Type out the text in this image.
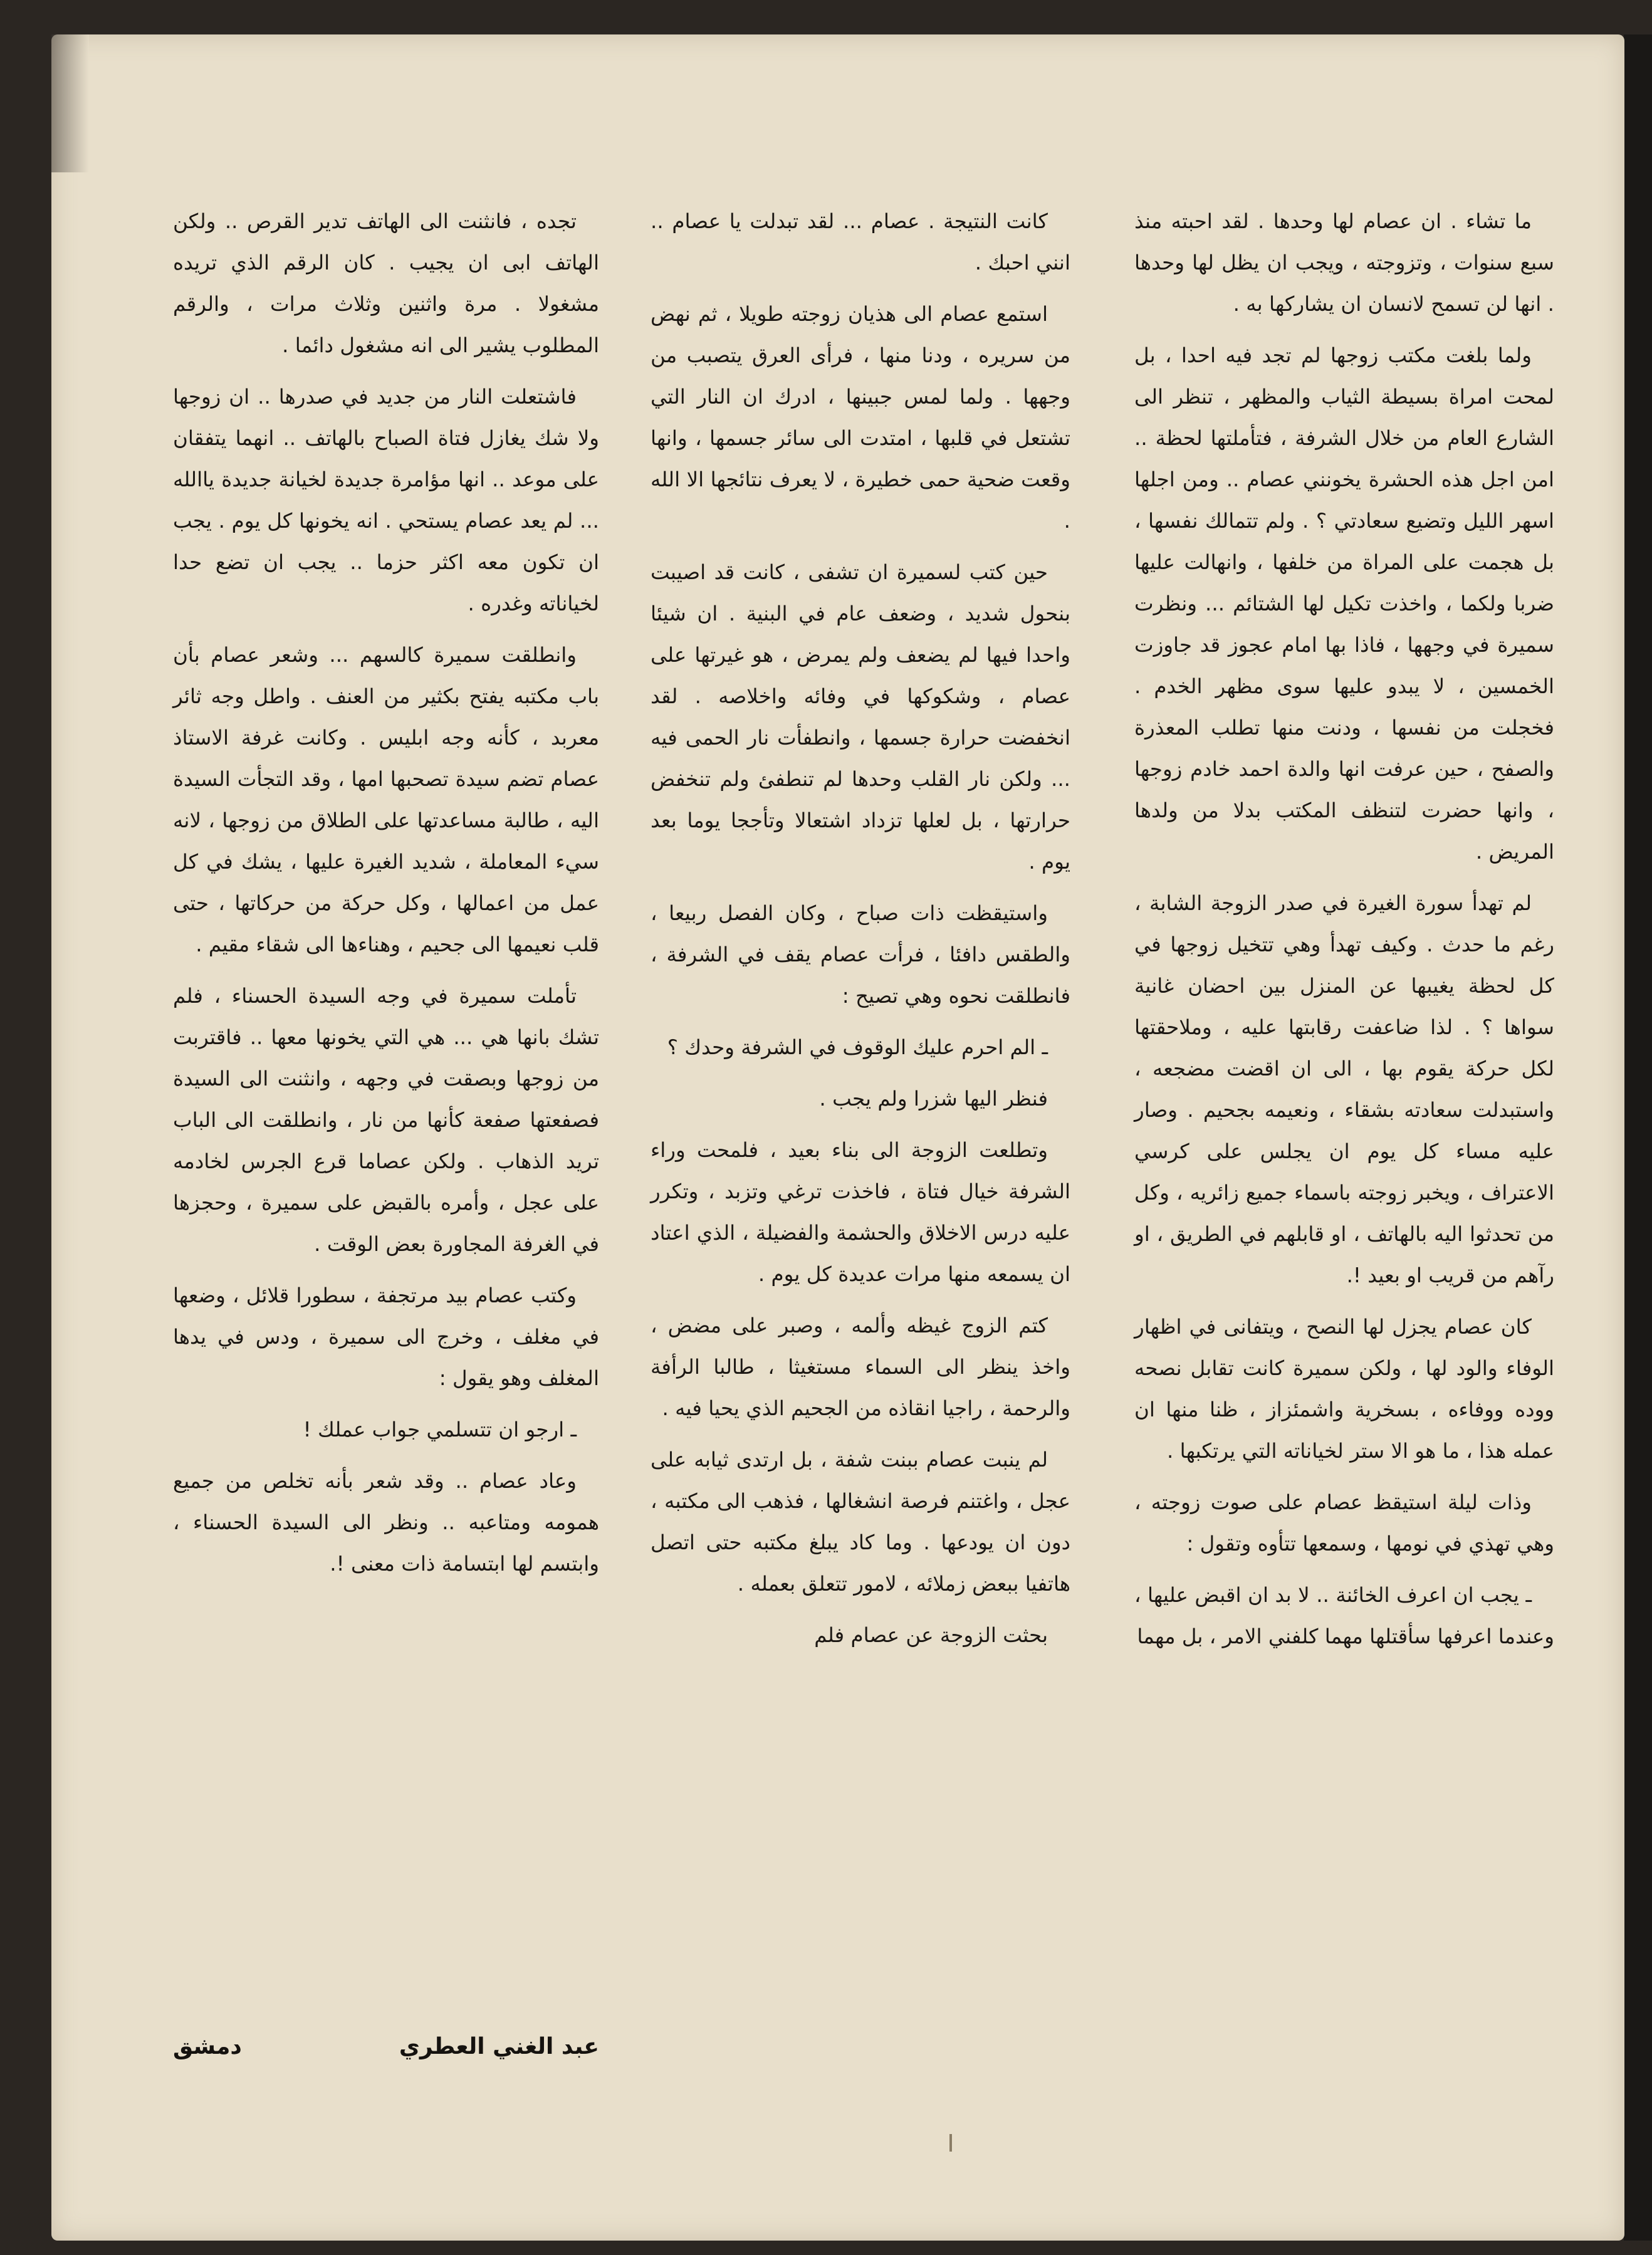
ما تشاء . ان عصام لها وحدها . لقد احبته منذ سبع سنوات ، وتزوجته ، ويجب ان يظل لها وحدها . انها لن تسمح لانسان ان يشاركها به .

ولما بلغت مكتب زوجها لم تجد فيه احدا ، بل لمحت امراة بسيطة الثياب والمظهر ، تنظر الى الشارع العام من خلال الشرفة ، فتأملتها لحظة .. امن اجل هذه الحشرة يخونني عصام .. ومن اجلها اسهر الليل وتضيع سعادتي ؟ . ولم تتمالك نفسها ، بل هجمت على المراة من خلفها ، وانهالت عليها ضربا ولكما ، واخذت تكيل لها الشتائم ... ونظرت سميرة في وجهها ، فاذا بها امام عجوز قد جاوزت الخمسين ، لا يبدو عليها سوى مظهر الخدم . فخجلت من نفسها ، ودنت منها تطلب المعذرة والصفح ، حين عرفت انها والدة احمد خادم زوجها ، وانها حضرت لتنظف المكتب بدلا من ولدها المريض .

لم تهدأ سورة الغيرة في صدر الزوجة الشابة ، رغم ما حدث . وكيف تهدأ وهي تتخيل زوجها في كل لحظة يغيبها عن المنزل بين احضان غانية سواها ؟ . لذا ضاعفت رقابتها عليه ، وملاحقتها لكل حركة يقوم بها ، الى ان اقضت مضجعه ، واستبدلت سعادته بشقاء ، ونعيمه بجحيم . وصار عليه مساء كل يوم ان يجلس على كرسي الاعتراف ، ويخبر زوجته باسماء جميع زائريه ، وكل من تحدثوا اليه بالهاتف ، او قابلهم في الطريق ، او رآهم من قريب او بعيد !.

كان عصام يجزل لها النصح ، ويتفانى في اظهار الوفاء والود لها ، ولكن سميرة كانت تقابل نصحه ووده ووفاءه ، بسخرية واشمئزاز ، ظنا منها ان عمله هذا ، ما هو الا ستر لخياناته التي يرتكبها .

وذات ليلة استيقظ عصام على صوت زوجته ، وهي تهذي في نومها ، وسمعها تتأوه وتقول :

ـ يجب ان اعرف الخائنة .. لا بد ان اقبض عليها ، وعندما اعرفها سأقتلها مهما كلفني الامر ، بل مهما

كانت النتيجة . عصام ... لقد تبدلت يا عصام .. انني احبك .

استمع عصام الى هذيان زوجته طويلا ، ثم نهض من سريره ، ودنا منها ، فرأى العرق يتصبب من وجهها . ولما لمس جبينها ، ادرك ان النار التي تشتعل في قلبها ، امتدت الى سائر جسمها ، وانها وقعت ضحية حمى خطيرة ، لا يعرف نتائجها الا الله .

حين كتب لسميرة ان تشفى ، كانت قد اصيبت بنحول شديد ، وضعف عام في البنية . ان شيئا واحدا فيها لم يضعف ولم يمرض ، هو غيرتها على عصام ، وشكوكها في وفائه واخلاصه . لقد انخفضت حرارة جسمها ، وانطفأت نار الحمى فيه ... ولكن نار القلب وحدها لم تنطفئ ولم تنخفض حرارتها ، بل لعلها تزداد اشتعالا وتأججا يوما بعد يوم .

واستيقظت ذات صباح ، وكان الفصل ربيعا ، والطقس دافئا ، فرأت عصام يقف في الشرفة ، فانطلقت نحوه وهي تصيح :

ـ الم احرم عليك الوقوف في الشرفة وحدك ؟

فنظر اليها شزرا ولم يجب .

وتطلعت الزوجة الى بناء بعيد ، فلمحت وراء الشرفة خيال فتاة ، فاخذت ترغي وتزبد ، وتكرر عليه درس الاخلاق والحشمة والفضيلة ، الذي اعتاد ان يسمعه منها مرات عديدة كل يوم .

كتم الزوج غيظه وألمه ، وصبر على مضض ، واخذ ينظر الى السماء مستغيثا ، طالبا الرأفة والرحمة ، راجيا انقاذه من الجحيم الذي يحيا فيه .

لم ينبت عصام ببنت شفة ، بل ارتدى ثيابه على عجل ، واغتنم فرصة انشغالها ، فذهب الى مكتبه ، دون ان يودعها . وما كاد يبلغ مكتبه حتى اتصل هاتفيا ببعض زملائه ، لامور تتعلق بعمله .

بحثت الزوجة عن عصام فلم

تجده ، فانثنت الى الهاتف تدير القرص .. ولكن الهاتف ابى ان يجيب . كان الرقم الذي تريده مشغولا . مرة واثنين وثلاث مرات ، والرقم المطلوب يشير الى انه مشغول دائما .

فاشتعلت النار من جديد في صدرها .. ان زوجها ولا شك يغازل فتاة الصباح بالهاتف .. انهما يتفقان على موعد .. انها مؤامرة جديدة لخيانة جديدة ياالله ... لم يعد عصام يستحي . انه يخونها كل يوم . يجب ان تكون معه اكثر حزما .. يجب ان تضع حدا لخياناته وغدره .

وانطلقت سميرة كالسهم ... وشعر عصام بأن باب مكتبه يفتح بكثير من العنف . واطل وجه ثائر معربد ، كأنه وجه ابليس . وكانت غرفة الاستاذ عصام تضم سيدة تصحبها امها ، وقد التجأت السيدة اليه ، طالبة مساعدتها على الطلاق من زوجها ، لانه سيء المعاملة ، شديد الغيرة عليها ، يشك في كل عمل من اعمالها ، وكل حركة من حركاتها ، حتى قلب نعيمها الى جحيم ، وهناءها الى شقاء مقيم .

تأملت سميرة في وجه السيدة الحسناء ، فلم تشك بانها هي ... هي التي يخونها معها .. فاقتربت من زوجها وبصقت في وجهه ، وانثنت الى السيدة فصفعتها صفعة كأنها من نار ، وانطلقت الى الباب تريد الذهاب . ولكن عصاما قرع الجرس لخادمه على عجل ، وأمره بالقبض على سميرة ، وحجزها في الغرفة المجاورة بعض الوقت .

وكتب عصام بيد مرتجفة ، سطورا قلائل ، وضعها في مغلف ، وخرج الى سميرة ، ودس في يدها المغلف وهو يقول :

ـ ارجو ان تتسلمي جواب عملك !

وعاد عصام .. وقد شعر بأنه تخلص من جميع همومه ومتاعبه .. ونظر الى السيدة الحسناء ، وابتسم لها ابتسامة ذات معنى !.

عبد الغني العطري
دمشق
